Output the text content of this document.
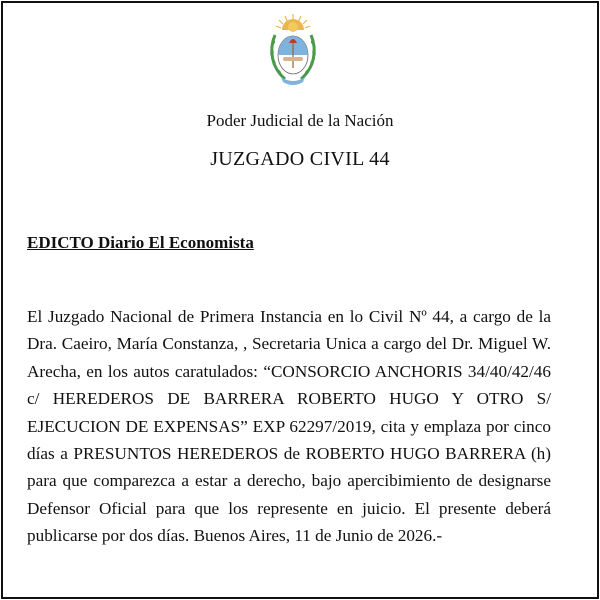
Poder Judicial de la Nación
JUZGADO CIVIL 44
EDICTO Diario El Economista
El Juzgado Nacional de Primera Instancia en lo Civil Nº 44, a cargo de la Dra. Caeiro, María Constanza, , Secretaria Unica a cargo del Dr. Miguel W. Arecha, en los autos caratulados: “CONSORCIO ANCHORIS 34/40/42/46 c/ HEREDEROS DE BARRERA ROBERTO HUGO Y OTRO S/ EJECUCION DE EXPENSAS” EXP 62297/2019, cita y emplaza por cinco días a PRESUNTOS HEREDEROS de ROBERTO HUGO BARRERA (h) para que comparezca a estar a derecho, bajo apercibimiento de designarse Defensor Oficial para que los represente en juicio. El presente deberá publicarse por dos días. Buenos Aires, 11 de Junio de 2026.-
